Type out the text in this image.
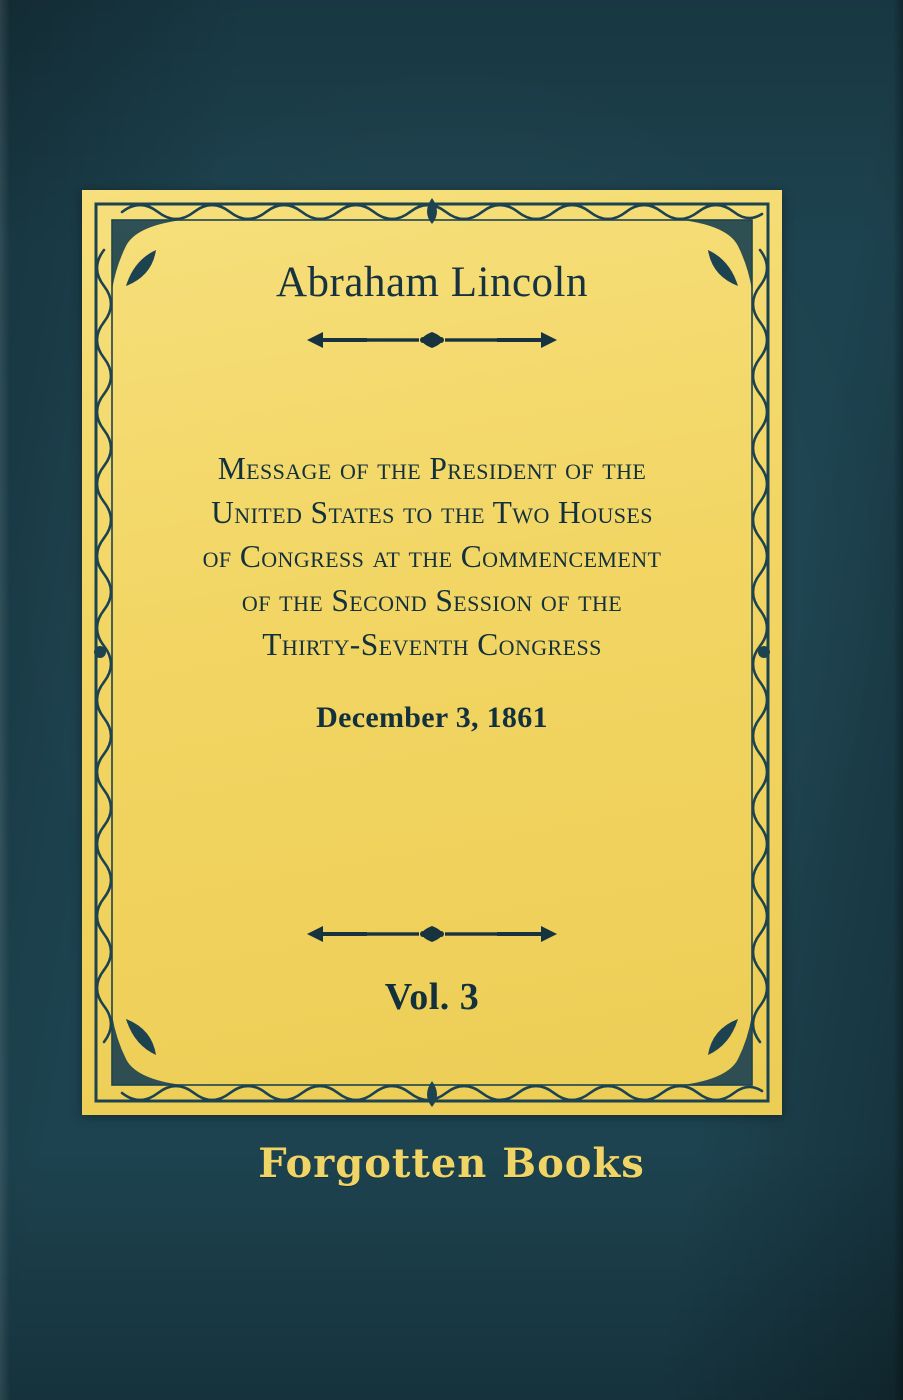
Abraham Lincoln
Message of the President of the
United States to the Two Houses
of Congress at the Commencement
of the Second Session of the
Thirty-Seventh Congress
December 3, 1861
Vol. 3
Forgotten Books
